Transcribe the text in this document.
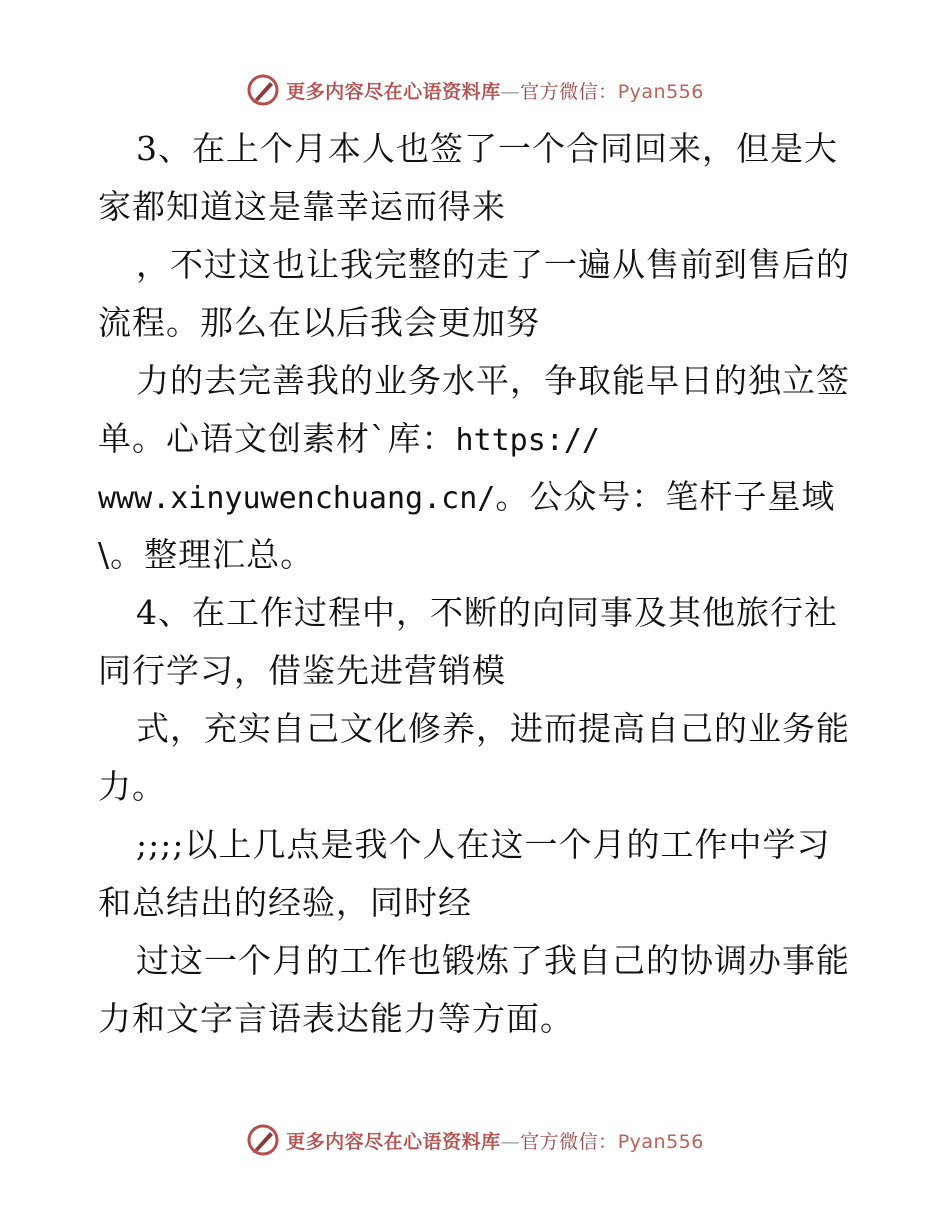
更多内容尽在心语资料库—官方微信：Pyan556
3、在上个月本人也签了一个合同回来，但是大
家都知道这是靠幸运而得来
，不过这也让我完整的走了一遍从售前到售后的
流程。那么在以后我会更加努
力的去完善我的业务水平，争取能早日的独立签
单。心语文创素材`库：https://
www.xinyuwenchuang.cn/。公众号：笔杆子星域
\。整理汇总。
4、在工作过程中，不断的向同事及其他旅行社
同行学习，借鉴先进营销模
式，充实自己文化修养，进而提高自己的业务能
力。
;;;;以上几点是我个人在这一个月的工作中学习
和总结出的经验，同时经
过这一个月的工作也锻炼了我自己的协调办事能
力和文字言语表达能力等方面。
更多内容尽在心语资料库—官方微信：Pyan556
